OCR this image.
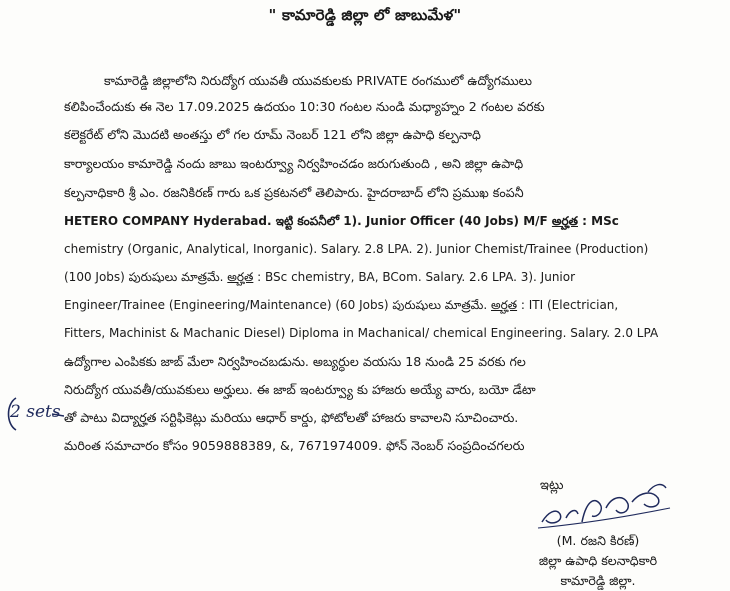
" కామారెడ్డి జిల్లా లో జాబుమేళ"
కామారెడ్డి జిల్లాలోని నిరుద్యోగ యువతీ యువకులకు PRIVATE రంగములో ఉద్యోగములు
కలిపించేందుకు ఈ నెల 17.09.2025 ఉదయం 10:30 గంటల నుండి మధ్యాహ్నం 2 గంటల వరకు
కలెక్టరేట్ లోని మొదటి అంతస్తు లో గల రూమ్ నెంబర్ 121 లోని జిల్లా ఉపాధి కల్పనాధి
కార్యాలయం కామారెడ్డి నందు జాబు ఇంటర్వ్యూ నిర్వహించడం జరుగుతుంది , అని జిల్లా ఉపాధి
కల్పనాధికారి శ్రీ ఎం. రజనికిరణ్ గారు ఒక ప్రకటనలో తెలిపారు. హైదరాబాద్ లోని ప్రముఖ కంపనీ
HETERO COMPANY Hyderabad. ఇట్టి కంపనీలో 1). Junior Officer (40 Jobs) M/F అర్హత : MSc
chemistry (Organic, Analytical, Inorganic). Salary. 2.8 LPA. 2). Junior Chemist/Trainee (Production)
(100 Jobs) పురుషులు మాత్రమే. అర్హత : BSc chemistry, BA, BCom. Salary. 2.6 LPA. 3). Junior
Engineer/Trainee (Engineering/Maintenance) (60 Jobs) పురుషులు మాత్రమే. అర్హత : ITI (Electrician,
Fitters, Machinist & Machanic Diesel) Diploma in Machanical/ chemical Engineering. Salary. 2.0 LPA
ఉద్యోగాల ఎంపికకు జాబ్ మేలా నిర్వహించబడును. అబ్యర్ధుల వయసు 18 నుండి 25 వరకు గల
నిరుద్యోగ యువతీ/యువకులు అర్హులు. ఈ జాబ్ ఇంటర్వ్యూ కు హాజరు అయ్యే వారు, బయో డేటా
తో పాటు విద్యార్హత సర్టిఫికెట్లు మరియు ఆధార్ కార్డు, ఫోటోలతో హాజరు కావాలని సూచించారు.
మరింత సమాచారం కోసం 9059888389, &, 7671974009. ఫోన్ నెంబర్ సంప్రదించగలరు
2 sets
ఇట్లు
(M. రజని కిరణ్)
జిల్లా ఉపాధి కలనాధికారి
కామారెడ్డి జిల్లా.
